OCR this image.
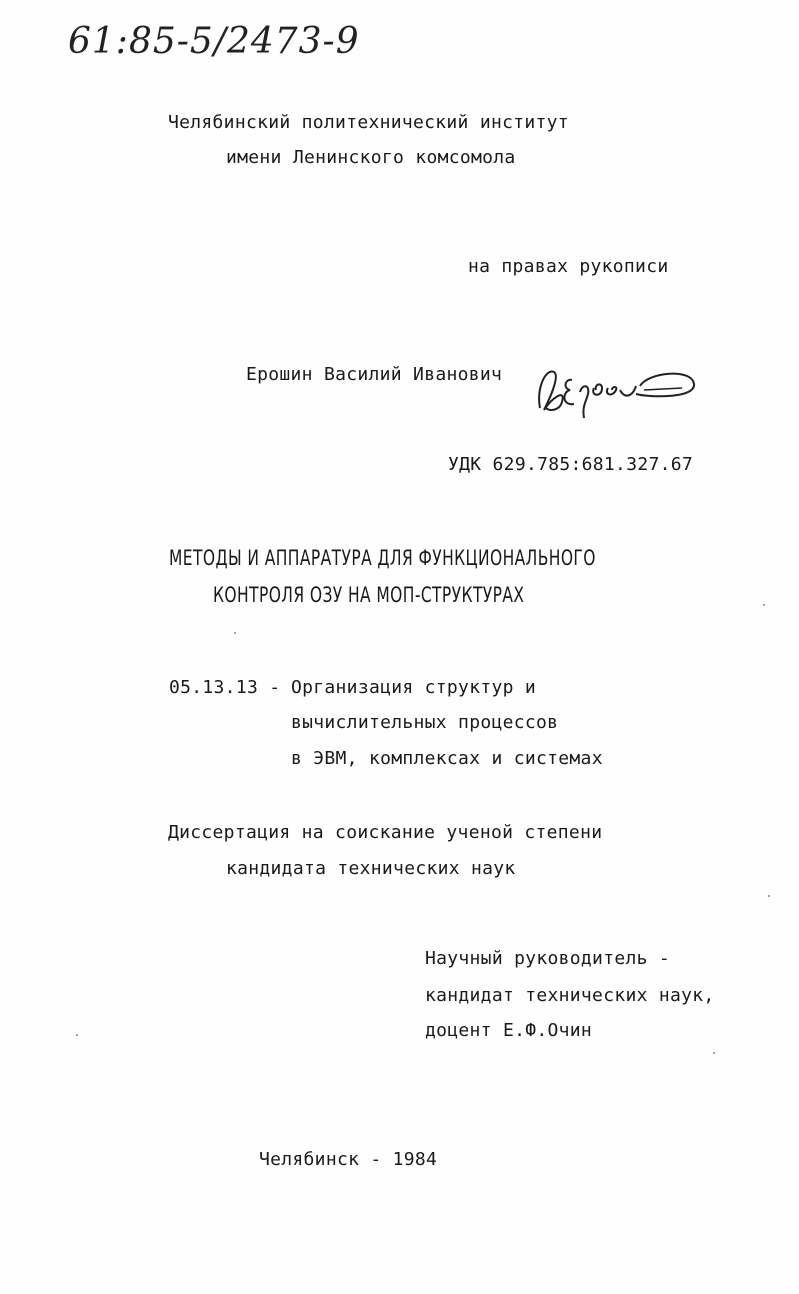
61:85-5/2473-9
Челябинский политехнический институт
имени Ленинского комсомола
на правах рукописи
Ерошин Василий Иванович
УДК 629.785:681.327.67
МЕТОДЫ И АППАРАТУРА ДЛЯ ФУНКЦИОНАЛЬНОГО
КОНТРОЛЯ ОЗУ НА МОП-СТРУКТУРАХ
05.13.13 - Организация структур и
вычислительных процессов
в ЭВМ, комплексах и системах
Диссертация на соискание ученой степени
кандидата технических наук
Научный руководитель -
кандидат технических наук,
доцент Е.Ф.Очин
Челябинск - 1984
